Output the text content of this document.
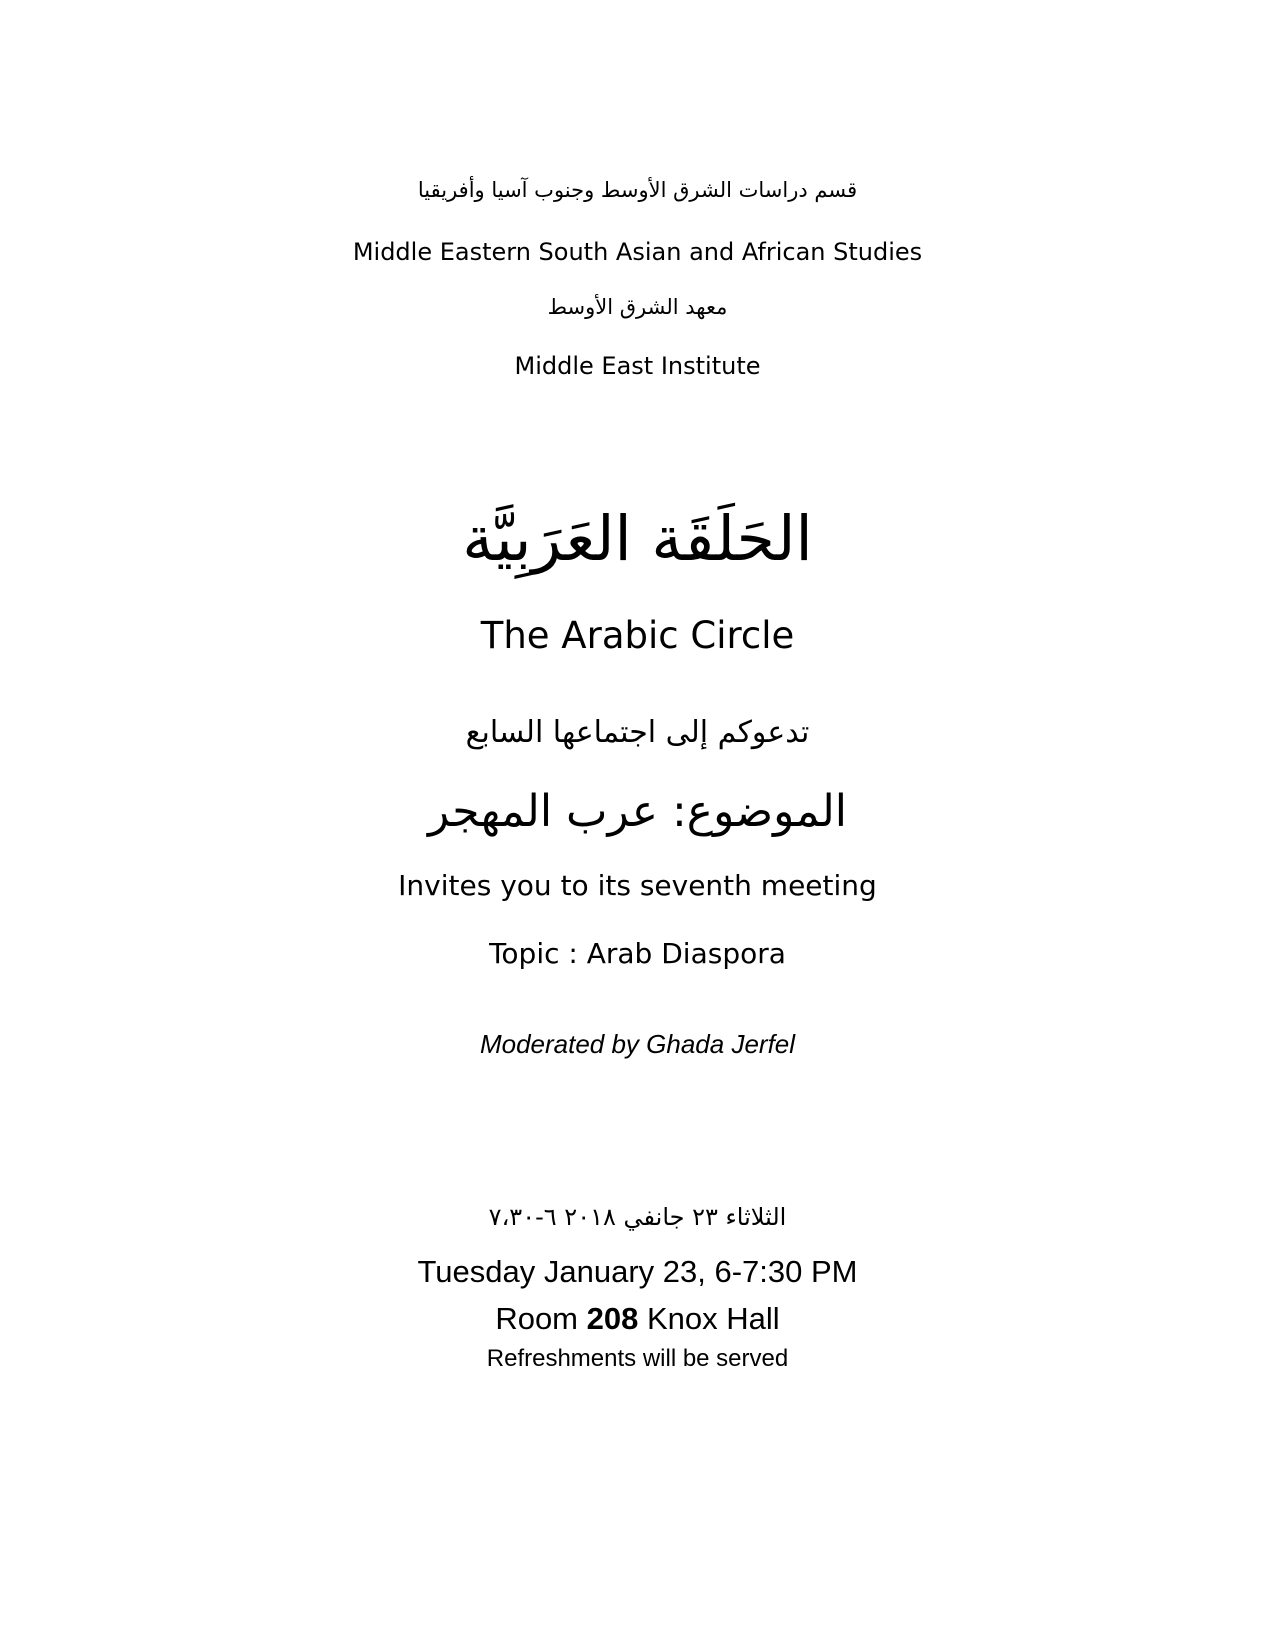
قسم دراسات الشرق الأوسط وجنوب آسيا وأفريقيا
Middle Eastern South Asian and African Studies
معهد الشرق الأوسط
Middle East Institute
الحَلَقَة العَرَبِيَّة
The Arabic Circle
تدعوكم إلى اجتماعها السابع
الموضوع: عرب المهجر
Invites you to its seventh meeting
Topic : Arab Diaspora
Moderated by Ghada Jerfel
الثلاثاء ٢٣ جانفي ٢٠١٨ ٦-٧،٣٠
Tuesday January 23, 6-7:30 PM
Room 208 Knox Hall
Refreshments will be served
